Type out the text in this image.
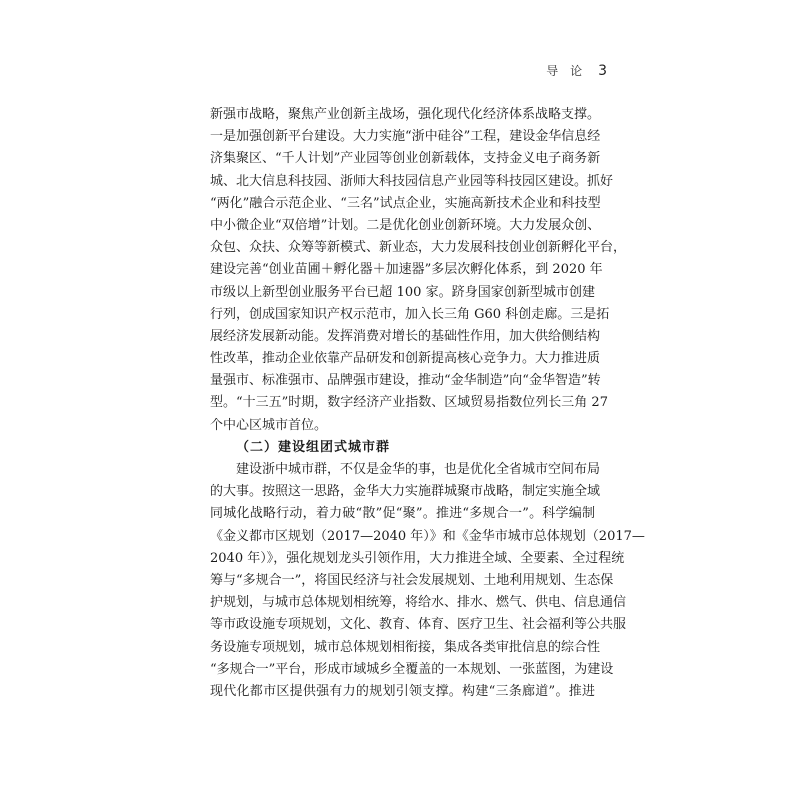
导 论 3
新强市战略，聚焦产业创新主战场，强化现代化经济体系战略支撑。
一是加强创新平台建设。大力实施“浙中硅谷”工程，建设金华信息经
济集聚区、“千人计划”产业园等创业创新载体，支持金义电子商务新
城、北大信息科技园、浙师大科技园信息产业园等科技园区建设。抓好
“两化”融合示范企业、“三名”试点企业，实施高新技术企业和科技型
中小微企业“双倍增”计划。二是优化创业创新环境。大力发展众创、
众包、众扶、众筹等新模式、新业态，大力发展科技创业创新孵化平台，
建设完善“创业苗圃＋孵化器＋加速器”多层次孵化体系，到 2020 年
市级以上新型创业服务平台已超 100 家。跻身国家创新型城市创建
行列，创成国家知识产权示范市，加入长三角 G60 科创走廊。三是拓
展经济发展新动能。发挥消费对增长的基础性作用，加大供给侧结构
性改革，推动企业依靠产品研发和创新提高核心竞争力。大力推进质
量强市、标准强市、品牌强市建设，推动“金华制造”向“金华智造”转
型。“十三五”时期，数字经济产业指数、区域贸易指数位列长三角 27
个中心区城市首位。
（二）建设组团式城市群
　　建设浙中城市群，不仅是金华的事，也是优化全省城市空间布局
的大事。按照这一思路，金华大力实施群城聚市战略，制定实施全域
同城化战略行动，着力破“散”促“聚”。推进“多规合一”。科学编制
《金义都市区规划（2017—2040 年）》和《金华市城市总体规划（2017—
2040 年）》，强化规划龙头引领作用，大力推进全域、全要素、全过程统
筹与“多规合一”，将国民经济与社会发展规划、土地利用规划、生态保
护规划，与城市总体规划相统筹，将给水、排水、燃气、供电、信息通信
等市政设施专项规划，文化、教育、体育、医疗卫生、社会福利等公共服
务设施专项规划，城市总体规划相衔接，集成各类审批信息的综合性
“多规合一”平台，形成市域城乡全覆盖的一本规划、一张蓝图，为建设
现代化都市区提供强有力的规划引领支撑。构建“三条廊道”。推进
